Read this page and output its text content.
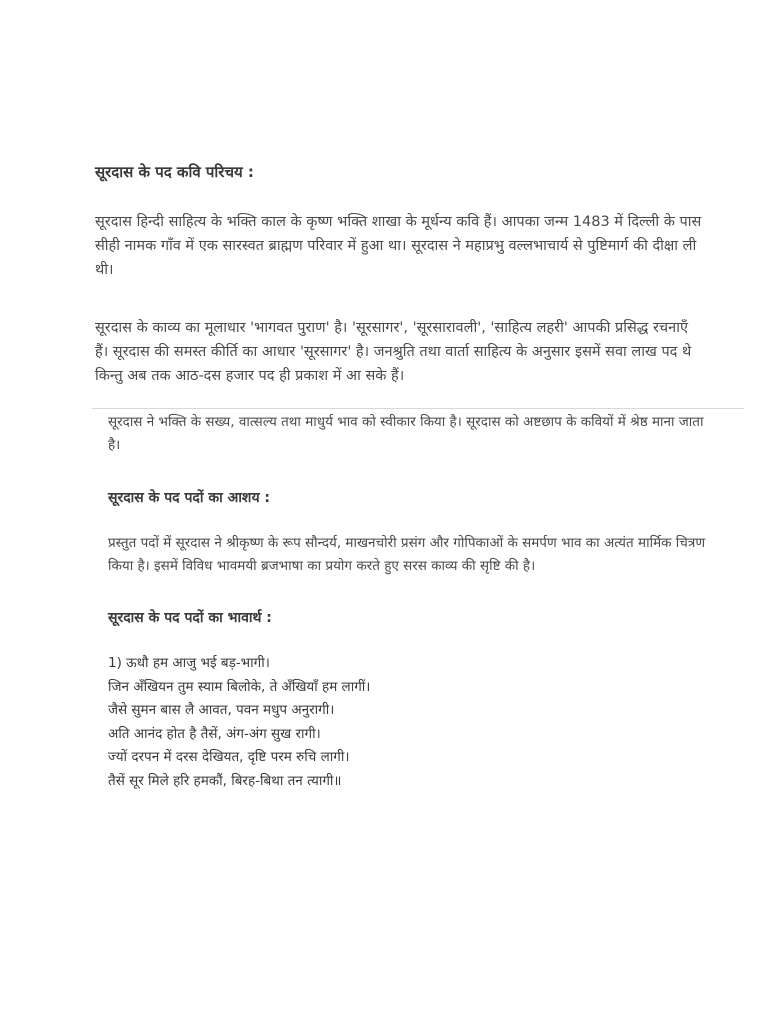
सूरदास के पद कवि परिचय :

सूरदास हिन्दी साहित्य के भक्ति काल के कृष्ण भक्ति शाखा के मूर्धन्य कवि हैं। आपका जन्म 1483 में दिल्ली के पास सीही नामक गाँव में एक सारस्वत ब्राह्मण परिवार में हुआ था। सूरदास ने महाप्रभु वल्लभाचार्य से पुष्टिमार्ग की दीक्षा ली थी।

सूरदास के काव्य का मूलाधार 'भागवत पुराण' है। 'सूरसागर', 'सूरसारावली', 'साहित्य लहरी' आपकी प्रसिद्ध रचनाएँ हैं। सूरदास की समस्त कीर्ति का आधार 'सूरसागर' है। जनश्रुति तथा वार्ता साहित्य के अनुसार इसमें सवा लाख पद थे किन्तु अब तक आठ-दस हजार पद ही प्रकाश में आ सके हैं।

सूरदास ने भक्ति के सख्य, वात्सल्य तथा माधुर्य भाव को स्वीकार किया है। सूरदास को अष्टछाप के कवियों में श्रेष्ठ माना जाता है।

सूरदास के पद पदों का आशय :

प्रस्तुत पदों में सूरदास ने श्रीकृष्ण के रूप सौन्दर्य, माखनचोरी प्रसंग और गोपिकाओं के समर्पण भाव का अत्यंत मार्मिक चित्रण किया है। इसमें विविध भावमयी ब्रजभाषा का प्रयोग करते हुए सरस काव्य की सृष्टि की है।

सूरदास के पद पदों का भावार्थ :
1) ऊधौ हम आजु भई बड़-भागी।
जिन अँखियन तुम स्याम बिलोके, ते अँखियाँ हम लागीं।
जैसे सुमन बास लै आवत, पवन मधुप अनुरागी।
अति आनंद होत है तैसें, अंग-अंग सुख रागी।
ज्यों दरपन में दरस देखियत, दृष्टि परम रुचि लागी।
तैसें सूर मिले हरि हमकौं, बिरह-बिथा तन त्यागी॥
